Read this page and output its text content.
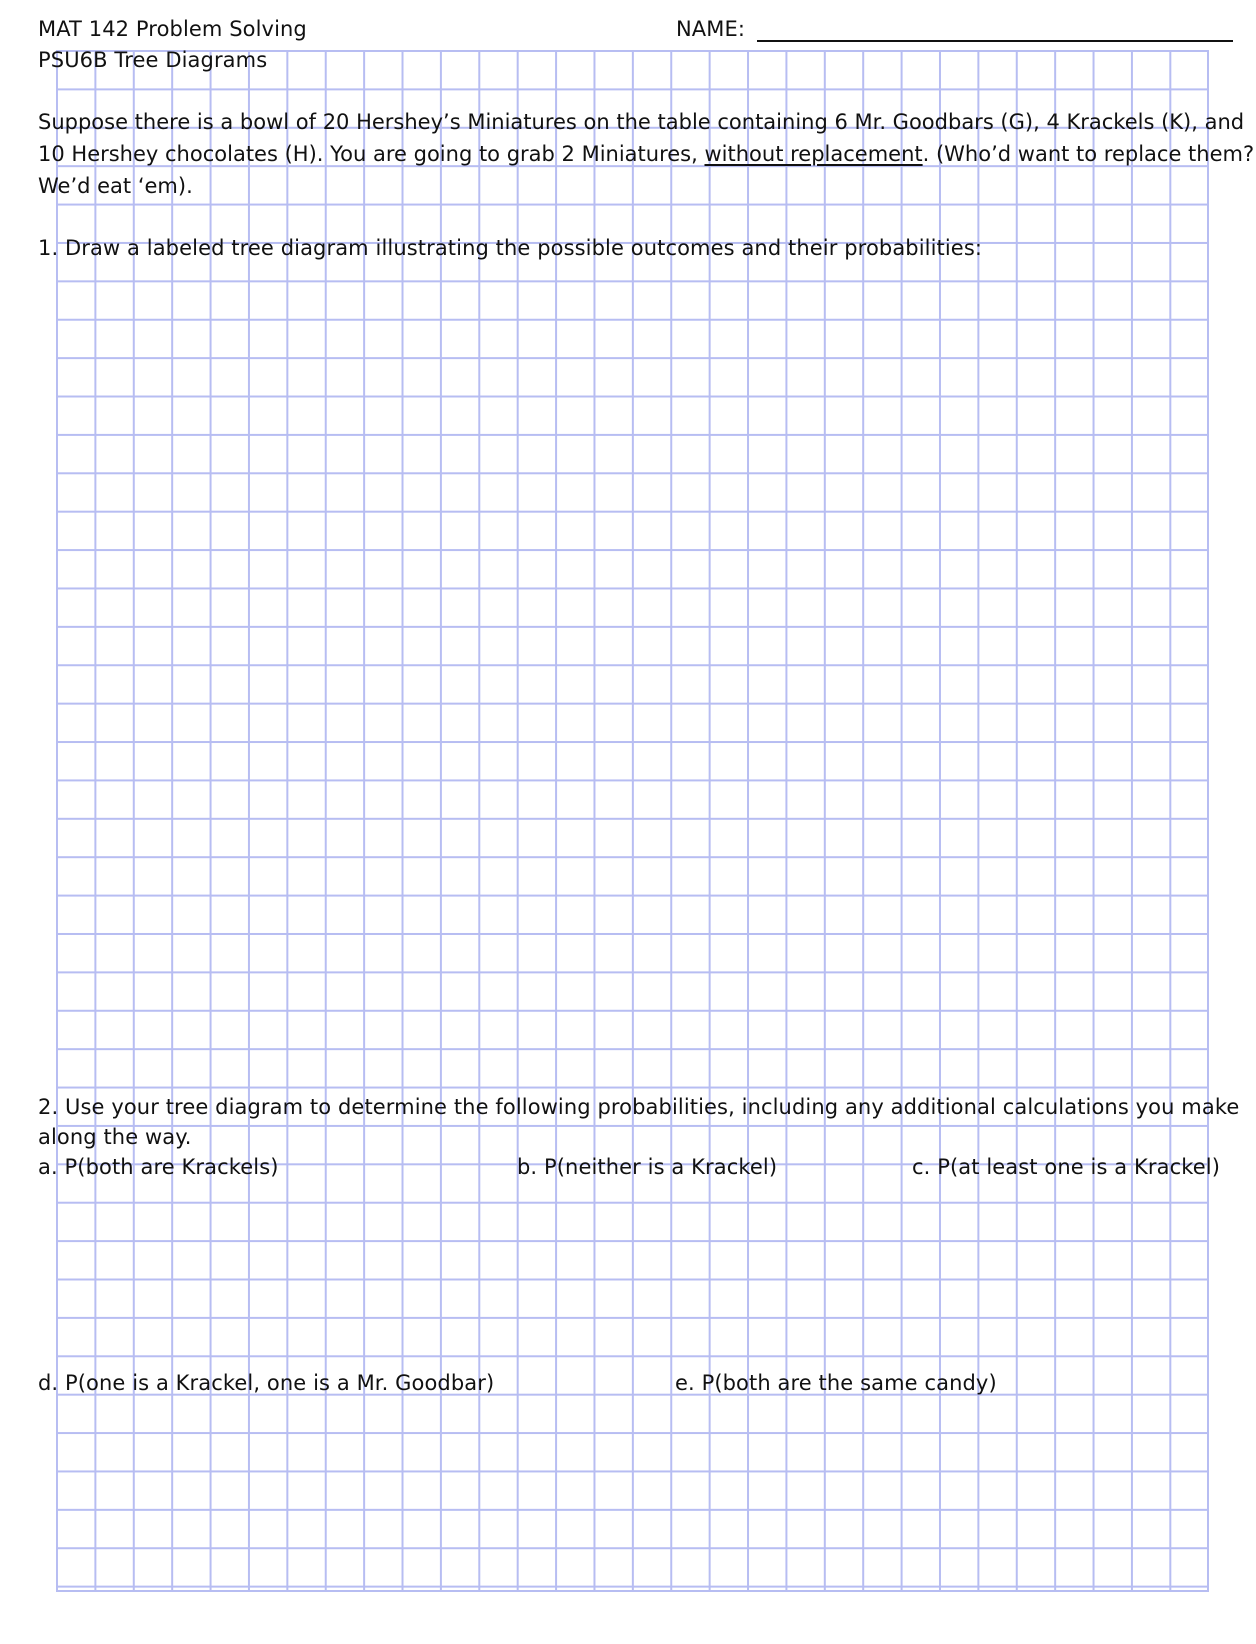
MAT 142 Problem Solving	NAME:
PSU6B Tree Diagrams
Suppose there is a bowl of 20 Hershey’s Miniatures on the table containing 6 Mr. Goodbars (G), 4 Krackels (K), and
10 Hershey chocolates (H). You are going to grab 2 Miniatures, without replacement. (Who’d want to replace them?
We’d eat ‘em).
1. Draw a labeled tree diagram illustrating the possible outcomes and their probabilities:
2. Use your tree diagram to determine the following probabilities, including any additional calculations you make
along the way.
a. P(both are Krackels)	b. P(neither is a Krackel)	c. P(at least one is a Krackel)
d. P(one is a Krackel, one is a Mr. Goodbar)	e. P(both are the same candy)
